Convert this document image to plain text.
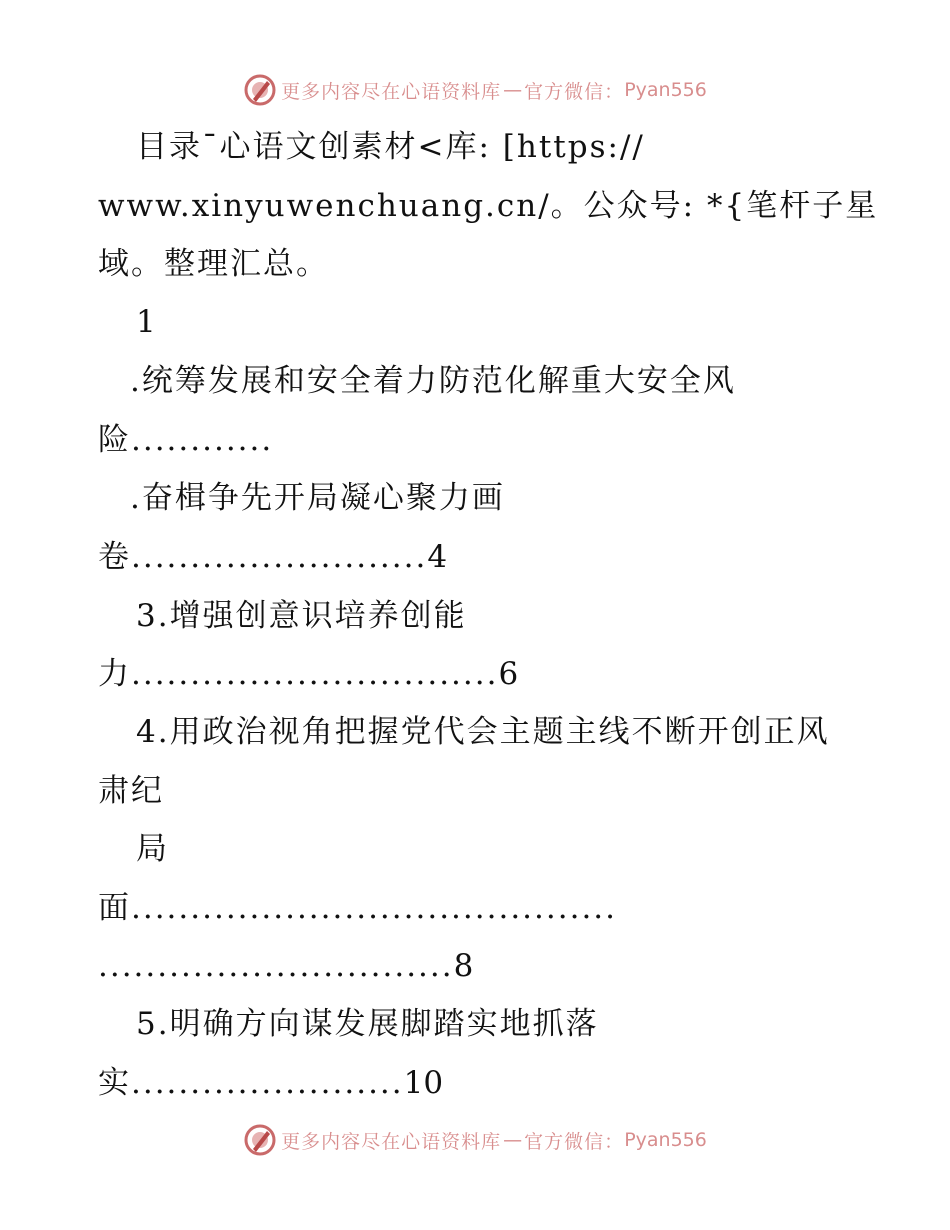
更多内容尽在心语资料库 — 官方微信： Pyan556
目录¯心语文创素材<库: [https://
www.xinyuwenchuang.cn/。公众号: *{笔杆子星
域。整理汇总。
1
.统筹发展和安全着力防范化解重大安全风
险............
.奋楫争先开局凝心聚力画
卷.........................4
3.增强创意识培养创能
力...............................6
4.用政治视角把握党代会主题主线不断开创正风
肃纪
局
面.........................................
..............................8
5.明确方向谋发展脚踏实地抓落
实.......................10
更多内容尽在心语资料库 — 官方微信： Pyan556
